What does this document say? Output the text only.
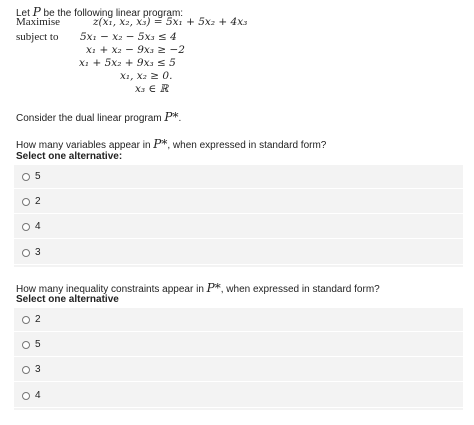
Let P be the following linear program:
Maximise
subject to
z(x₁, x₂, x₃) = 5x₁ + 5x₂ + 4x₃
5x₁ − x₂ − 5x₃ ≤ 4
x₁ + x₂ − 9x₃ ≥ −2
x₁ + 5x₂ + 9x₃ ≤ 5
x₁, x₂ ≥ 0.
x₃ ∈ ℝ
Consider the dual linear program P*.
How many variables appear in P*, when expressed in standard form?
Select one alternative:
5
2
4
3
How many inequality constraints appear in P*, when expressed in standard form?
Select one alternative
2
5
3
4
